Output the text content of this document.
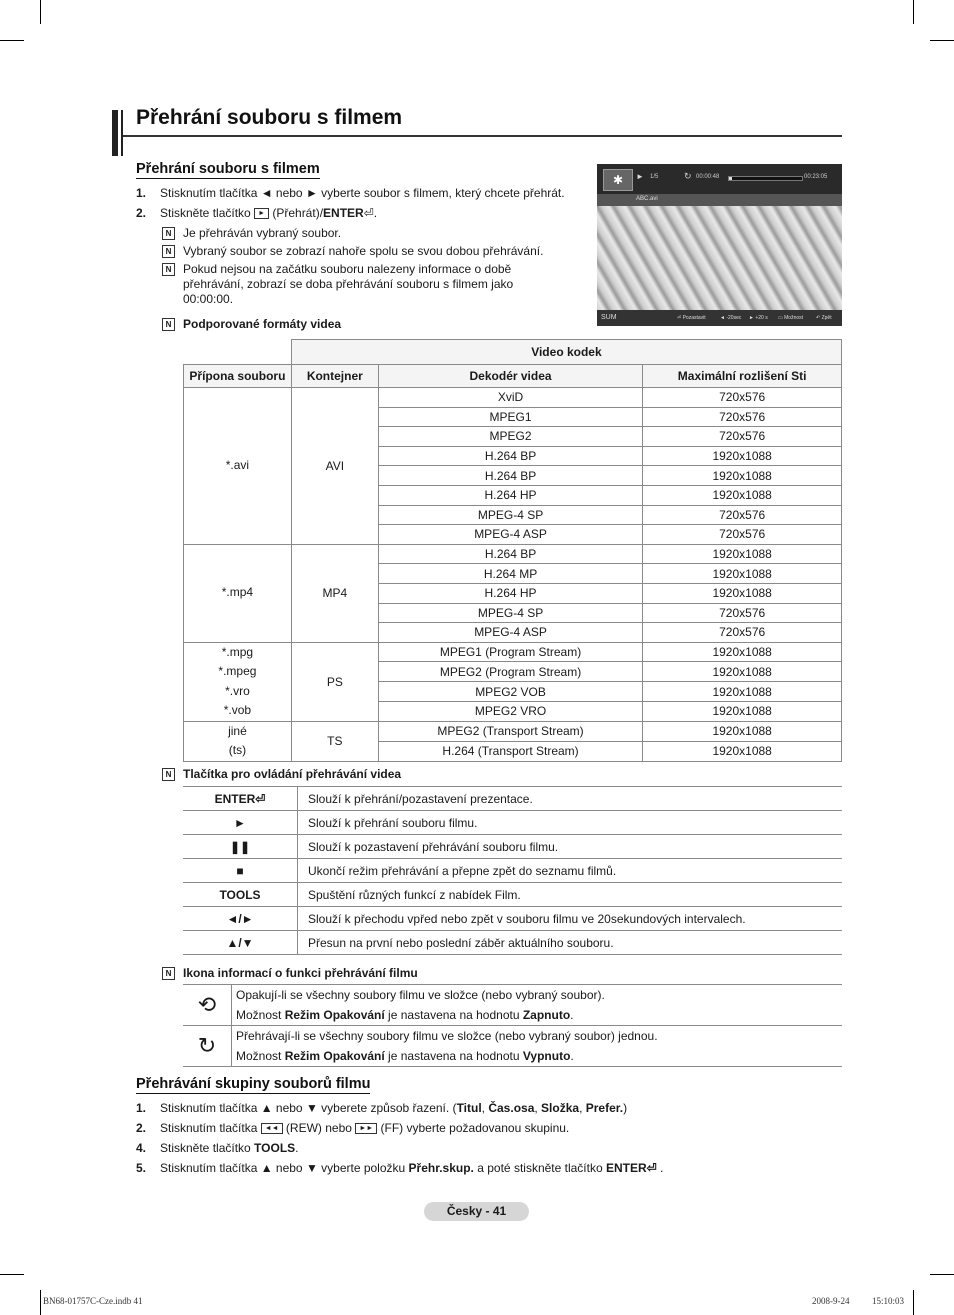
Přehrání souboru s filmem
Přehrání souboru s filmem
1. Stisknutím tlačítka ◄ nebo ► vyberte soubor s filmem, který chcete přehrát.
2. Stiskněte tlačítko ► (Přehrát)/ENTER⏎.
N Je přehráván vybraný soubor.
N Vybraný soubor se zobrazí nahoře spolu se svou dobou přehrávání.
N Pokud nejsou na začátku souboru nalezeny informace o době přehrávání, zobrazí se doba přehrávání souboru s filmem jako 00:00:00.
✱	► 1/5	↻ 00:00:48	00:23:05
ABC.avi
SUM	⏎ Pozastavit	◄ -20sec ► +20 s ▭ Možnost	↶ Zpět
N Podporované formáty videa
	Video kodek		
Přípona souboru	Kontejner	Dekodér videa	Maximální rozlišení Sti
*.avi	AVI	XviD	720x576
		MPEG1	720x576
		MPEG2	720x576
		H.264 BP	1920x1088
		H.264 BP	1920x1088
		H.264 HP	1920x1088
		MPEG-4 SP	720x576
		MPEG-4 ASP	720x576
*.mp4	MP4	H.264 BP	1920x1088
		H.264 MP	1920x1088
		H.264 HP	1920x1088
		MPEG-4 SP	720x576
		MPEG-4 ASP	720x576
*.mpg
*.mpeg
*.vro
*.vob	PS	MPEG1 (Program Stream)	1920x1088
		MPEG2 (Program Stream)	1920x1088
		MPEG2 VOB	1920x1088
		MPEG2 VRO	1920x1088
jiné
(ts)	TS	MPEG2 (Transport Stream)	1920x1088
		H.264 (Transport Stream)	1920x1088
N Tlačítka pro ovládání přehrávání videa
ENTER⏎	Slouží k přehrání/pozastavení prezentace.
►	Slouží k přehrání souboru filmu.
❚❚	Slouží k pozastavení přehrávání souboru filmu.
■	Ukončí režim přehrávání a přepne zpět do seznamu filmů.
TOOLS	Spuštění různých funkcí z nabídek Film.
◄/►	Slouží k přechodu vpřed nebo zpět v souboru filmu ve 20sekundových intervalech.
▲/▼	Přesun na první nebo poslední záběr aktuálního souboru.
N Ikona informací o funkci přehrávání filmu
⟲	Opakují-li se všechny soubory filmu ve složce (nebo vybraný soubor).
Možnost Režim Opakování je nastavena na hodnotu Zapnuto.

↻	Přehrávají-li se všechny soubory filmu ve složce (nebo vybraný soubor) jednou.
Možnost Režim Opakování je nastavena na hodnotu Vypnuto.
Přehrávání skupiny souborů filmu
1. Stisknutím tlačítka ▲ nebo ▼ vyberete způsob řazení. (Titul, Čas.osa, Složka, Prefer.)
2. Stisknutím tlačítka ◄◄ (REW) nebo ►► (FF) vyberte požadovanou skupinu.
4. Stiskněte tlačítko TOOLS.
5. Stisknutím tlačítka ▲ nebo ▼ vyberte položku Přehr.skup. a poté stiskněte tlačítko ENTER⏎ .
Česky - 41
BN68-01757C-Cze.indb 41	2008-9-24	15:10:03
